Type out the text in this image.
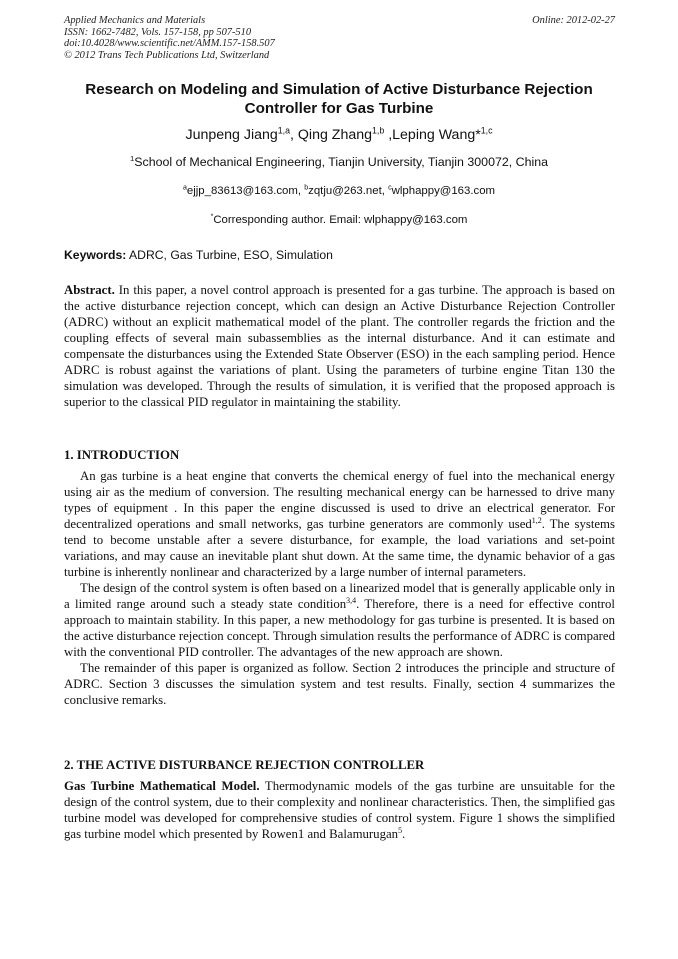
Applied Mechanics and Materials
ISSN: 1662-7482, Vols. 157-158, pp 507-510
doi:10.4028/www.scientific.net/AMM.157-158.507
© 2012 Trans Tech Publications Ltd, Switzerland
Online: 2012-02-27
Research on Modeling and Simulation of Active Disturbance Rejection Controller for Gas Turbine
Junpeng Jiang$^{1,a}$, Qing Zhang$^{1,b}$ ,Leping Wang*$^{1,c}$
$^1$School of Mechanical Engineering, Tianjin University, Tianjin 300072, China
$^a$ejjp_83613@163.com, $^b$zqtju@263.net, $^c$wlphappy@163.com
*Corresponding author. Email: wlphappy@163.com
Keywords: ADRC, Gas Turbine, ESO, Simulation
Abstract. In this paper, a novel control approach is presented for a gas turbine. The approach is based on the active disturbance rejection concept, which can design an Active Disturbance Rejection Controller (ADRC) without an explicit mathematical model of the plant. The controller regards the friction and the coupling effects of several main subassemblies as the internal disturbance. And it can estimate and compensate the disturbances using the Extended State Observer (ESO) in the each sampling period. Hence ADRC is robust against the variations of plant. Using the parameters of turbine engine Titan 130 the simulation was developed. Through the results of simulation, it is verified that the proposed approach is superior to the classical PID regulator in maintaining the stability.
1. INTRODUCTION

An gas turbine is a heat engine that converts the chemical energy of fuel into the mechanical energy using air as the medium of conversion. The resulting mechanical energy can be harnessed to drive many types of equipment . In this paper the engine discussed is used to drive an electrical generator. For decentralized operations and small networks, gas turbine generators are commonly used$^{1,2}$. The systems tend to become unstable after a severe disturbance, for example, the load variations and set-point variations, and may cause an inevitable plant shut down. At the same time, the dynamic behavior of a gas turbine is inherently nonlinear and characterized by a large number of internal parameters.

The design of the control system is often based on a linearized model that is generally applicable only in a limited range around such a steady state condition$^{3,4}$. Therefore, there is a need for effective control approach to maintain stability. In this paper, a new methodology for gas turbine is presented. It is based on the active disturbance rejection concept. Through simulation results the performance of ADRC is compared with the conventional PID controller. The advantages of the new approach are shown.

The remainder of this paper is organized as follow. Section 2 introduces the principle and structure of ADRC. Section 3 discusses the simulation system and test results. Finally, section 4 summarizes the conclusive remarks.

2. THE ACTIVE DISTURBANCE REJECTION CONTROLLER

Gas Turbine Mathematical Model. Thermodynamic models of the gas turbine are unsuitable for the design of the control system, due to their complexity and nonlinear characteristics. Then, the simplified gas turbine model was developed for comprehensive studies of control system. Figure 1 shows the simplified gas turbine model which presented by Rowen1 and Balamurugan$^5$.
